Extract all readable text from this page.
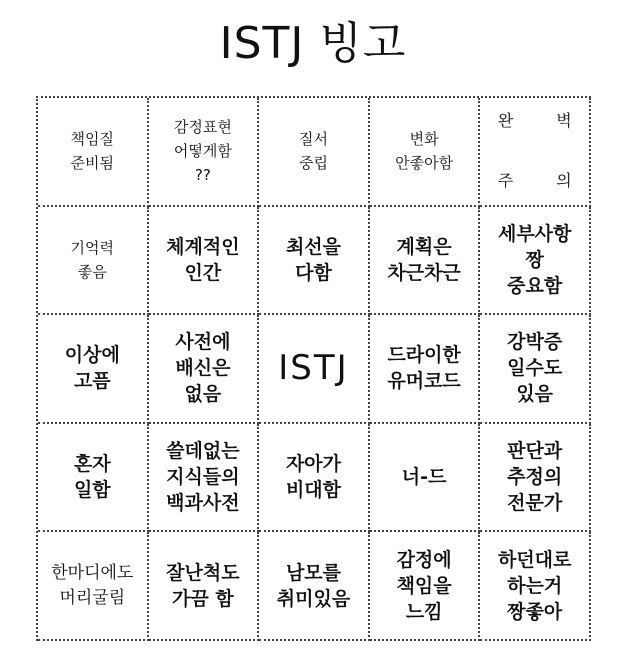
ISTJ 빙고
책임질
준비됨
감정표현
어떻게함
??
질서
중립
변화
안좋아함
완 벽

주 의
기억력
좋음
체계적인
인간
최선을
다함
계획은
차근차근
세부사항
짱
중요함
이상에
고픔
사전에
배신은
없음
ISTJ 드라이한
유머코드
강박증
일수도
있음
혼자
일함
쓸데없는
지식들의
백과사전
자아가
비대함
너-드
판단과
추정의
전문가
한마디에도
머리굴림
잘난척도
가끔 함
남모를
취미있음
감정에
책임을
느낌
하던대로
하는거
짱좋아
